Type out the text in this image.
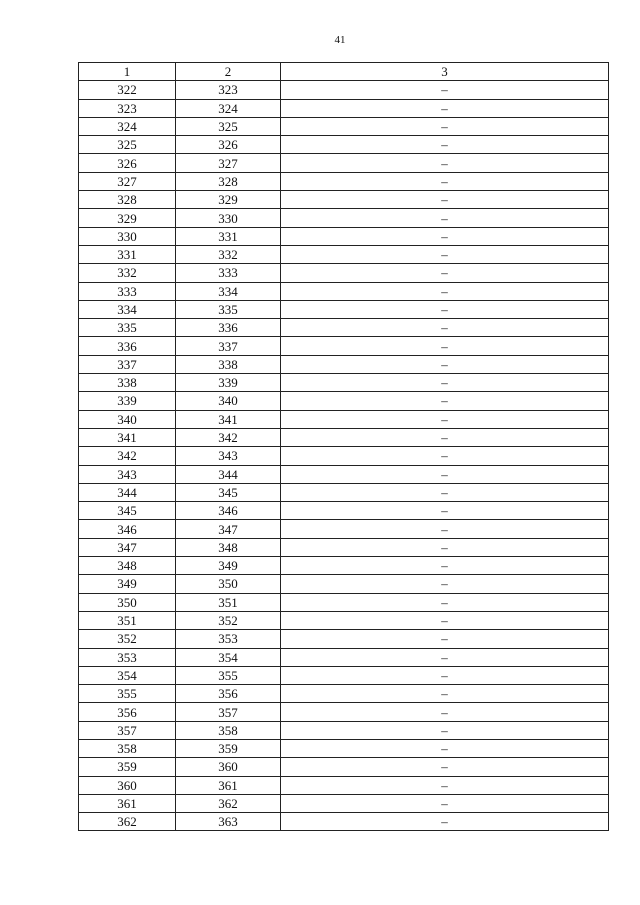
41
1	2	3
322	323	–
323	324	–
324	325	–
325	326	–
326	327	–
327	328	–
328	329	–
329	330	–
330	331	–
331	332	–
332	333	–
333	334	–
334	335	–
335	336	–
336	337	–
337	338	–
338	339	–
339	340	–
340	341	–
341	342	–
342	343	–
343	344	–
344	345	–
345	346	–
346	347	–
347	348	–
348	349	–
349	350	–
350	351	–
351	352	–
352	353	–
353	354	–
354	355	–
355	356	–
356	357	–
357	358	–
358	359	–
359	360	–
360	361	–
361	362	–
362	363	–
